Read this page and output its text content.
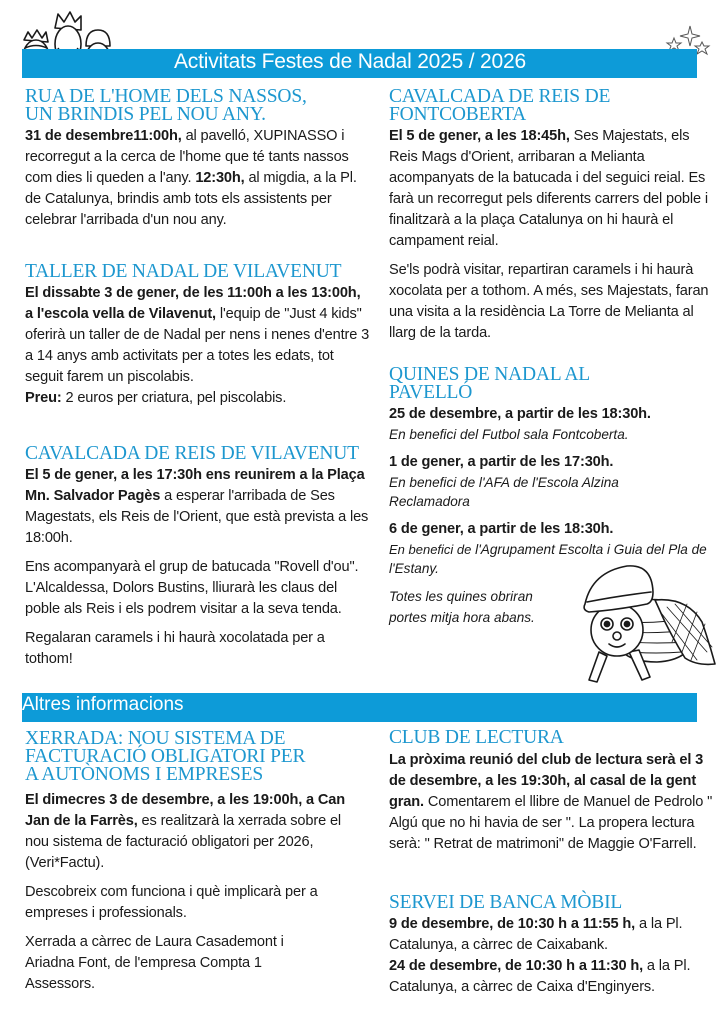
Activitats Festes de Nadal 2025 / 2026
RUA DE L'HOME DELS NASSOS,
UN BRINDIS PEL NOU ANY.
31 de desembre11:00h, al pavelló, XUPINASSO i recorregut a la cerca de l'home que té tants nassos com dies li queden a l'any. 12:30h, al migdia, a la Pl. de Catalunya, brindis amb tots els assistents per celebrar l'arribada d'un nou any.
TALLER DE NADAL DE VILAVENUT
El dissabte 3 de gener, de les 11:00h a les 13:00h, a l'escola vella de Vilavenut, l'equip de "Just 4 kids" oferirà un taller de de Nadal per nens i nenes d'entre 3 a 14 anys amb activitats per a totes les edats, tot seguit farem un piscolabis.
Preu: 2 euros per criatura, pel piscolabis.
CAVALCADA DE REIS DE VILAVENUT
El 5 de gener, a les 17:30h ens reunirem a la Plaça Mn. Salvador Pagès a esperar l'arribada de Ses Magestats, els Reis de l'Orient, que està prevista a les 18:00h.
Ens acompanyarà el grup de batucada "Rovell d'ou". L'Alcaldessa, Dolors Bustins, lliurarà les claus del poble als Reis i els podrem visitar a la seva tenda.
Regalaran caramels i hi haurà xocolatada per a tothom!
CAVALCADA DE REIS DE
FONTCOBERTA
El 5 de gener, a les 18:45h, Ses Majestats, els Reis Mags d'Orient, arribaran a Melianta acompanyats de la batucada i del seguici reial. Es farà un recorregut pels diferents carrers del poble i finalitzarà a la plaça Catalunya on hi haurà el campament reial.
Se'ls podrà visitar, repartiran caramels i hi haurà xocolata per a tothom. A més, ses Majestats, faran una visita a la residència La Torre de Melianta al llarg de la tarda.
QUINES DE NADAL AL
PAVELLÓ
25 de desembre, a partir de les 18:30h.
En benefici del Futbol sala Fontcoberta.
1 de gener, a partir de les 17:30h.
En benefici de l'AFA de l'Escola Alzina Reclamadora
6 de gener, a partir de les 18:30h.
En benefici de l'Agrupament Escolta i Guia del Pla de l'Estany.
Totes les quines obriran portes mitja hora abans.
Altres informacions
XERRADA: NOU SISTEMA DE
FACTURACIÓ OBLIGATORI PER
A AUTÒNOMS I EMPRESES
El dimecres 3 de desembre, a les 19:00h, a Can Jan de la Farrès, es realitzarà la xerrada sobre el nou sistema de facturació obligatori per 2026, (Veri*Factu).
Descobreix com funciona i què implicarà per a empreses i professionals.
Xerrada a càrrec de Laura Casademont i Ariadna Font, de l'empresa Compta 1 Assessors.
CLUB DE LECTURA
La pròxima reunió del club de lectura serà el 3 de desembre, a les 19:30h, al casal de la gent gran. Comentarem el llibre de Manuel de Pedrolo " Algú que no hi havia de ser ". La propera lectura serà: " Retrat de matrimoni" de Maggie O'Farrell.
SERVEI DE BANCA MÒBIL
9 de desembre, de 10:30 h a 11:55 h, a la Pl. Catalunya, a càrrec de Caixabank.
24 de desembre, de 10:30 h a 11:30 h, a la Pl. Catalunya, a càrrec de Caixa d'Enginyers.
